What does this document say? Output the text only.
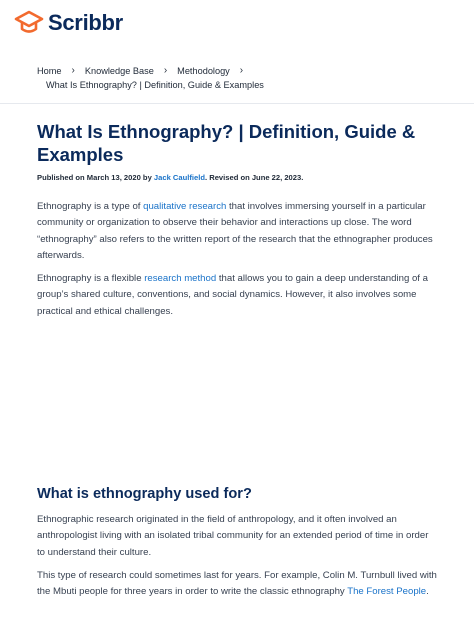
Scribbr
Home › Knowledge Base › Methodology ›
What Is Ethnography? | Definition, Guide & Examples
What Is Ethnography? | Definition, Guide & Examples
Published on March 13, 2020 by Jack Caulfield. Revised on June 22, 2023.

Ethnography is a type of qualitative research that involves immersing yourself in a particular community or organization to observe their behavior and interactions up close. The word “ethnography” also refers to the written report of the research that the ethnographer produces afterwards.

Ethnography is a flexible research method that allows you to gain a deep understanding of a group’s shared culture, conventions, and social dynamics. However, it also involves some practical and ethical challenges.

What is ethnography used for?

Ethnographic research originated in the field of anthropology, and it often involved an anthropologist living with an isolated tribal community for an extended period of time in order to understand their culture.

This type of research could sometimes last for years. For example, Colin M. Turnbull lived with the Mbuti people for three years in order to write the classic ethnography The Forest People.
